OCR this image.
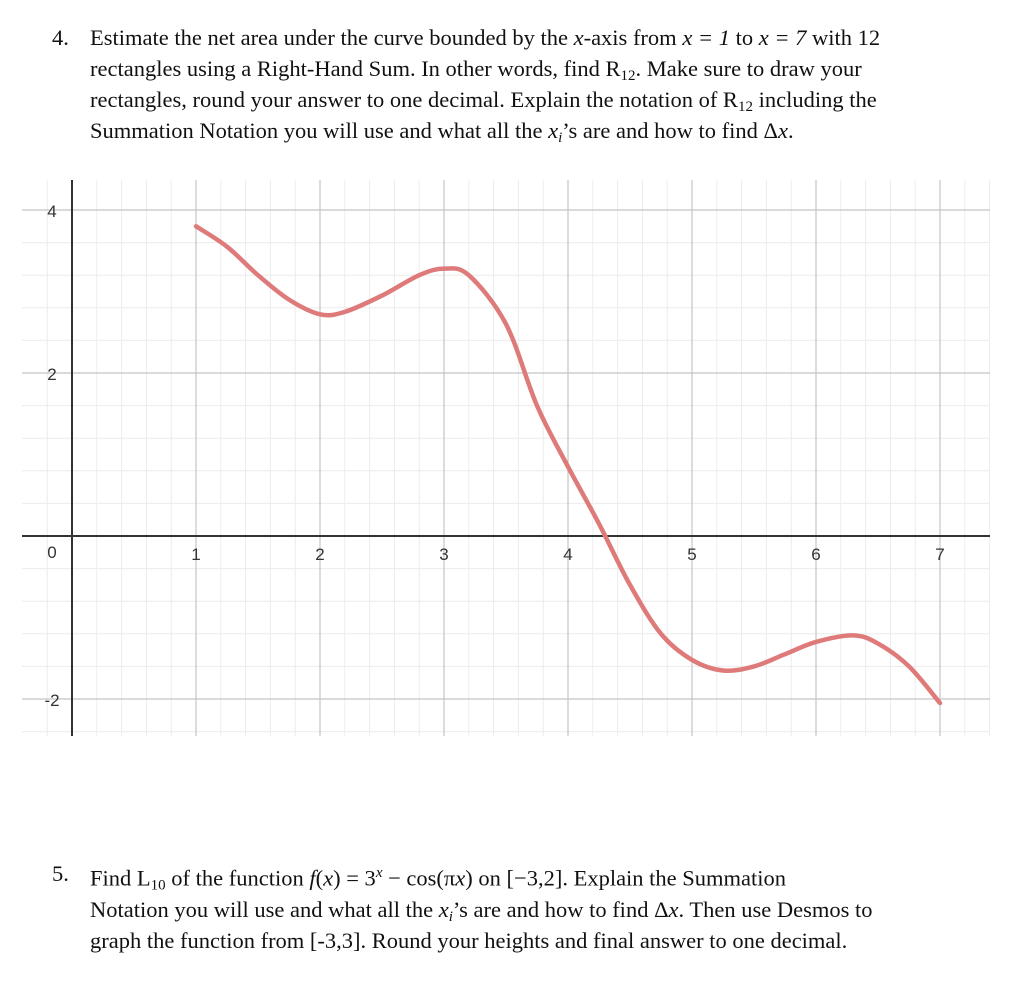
4. Estimate the net area under the curve bounded by the x-axis from x = 1 to x = 7 with 12
rectangles using a Right-Hand Sum. In other words, find $R_{12}$. Make sure to draw your
rectangles, round your answer to one decimal. Explain the notation of $R_{12}$ including the
Summation Notation you will use and what all the $x_i’s$ are and how to find Δx.
1	2	3	4	5	6	7
4
2
0
-2
5. Find $L_{10}$ of the function $f(x) = 3^x - \cos(\pi x)$ on [−3,2]. Explain the Summation
Notation you will use and what all the $x_i’s$ are and how to find Δx. Then use Desmos to
graph the function from [-3,3]. Round your heights and final answer to one decimal.
